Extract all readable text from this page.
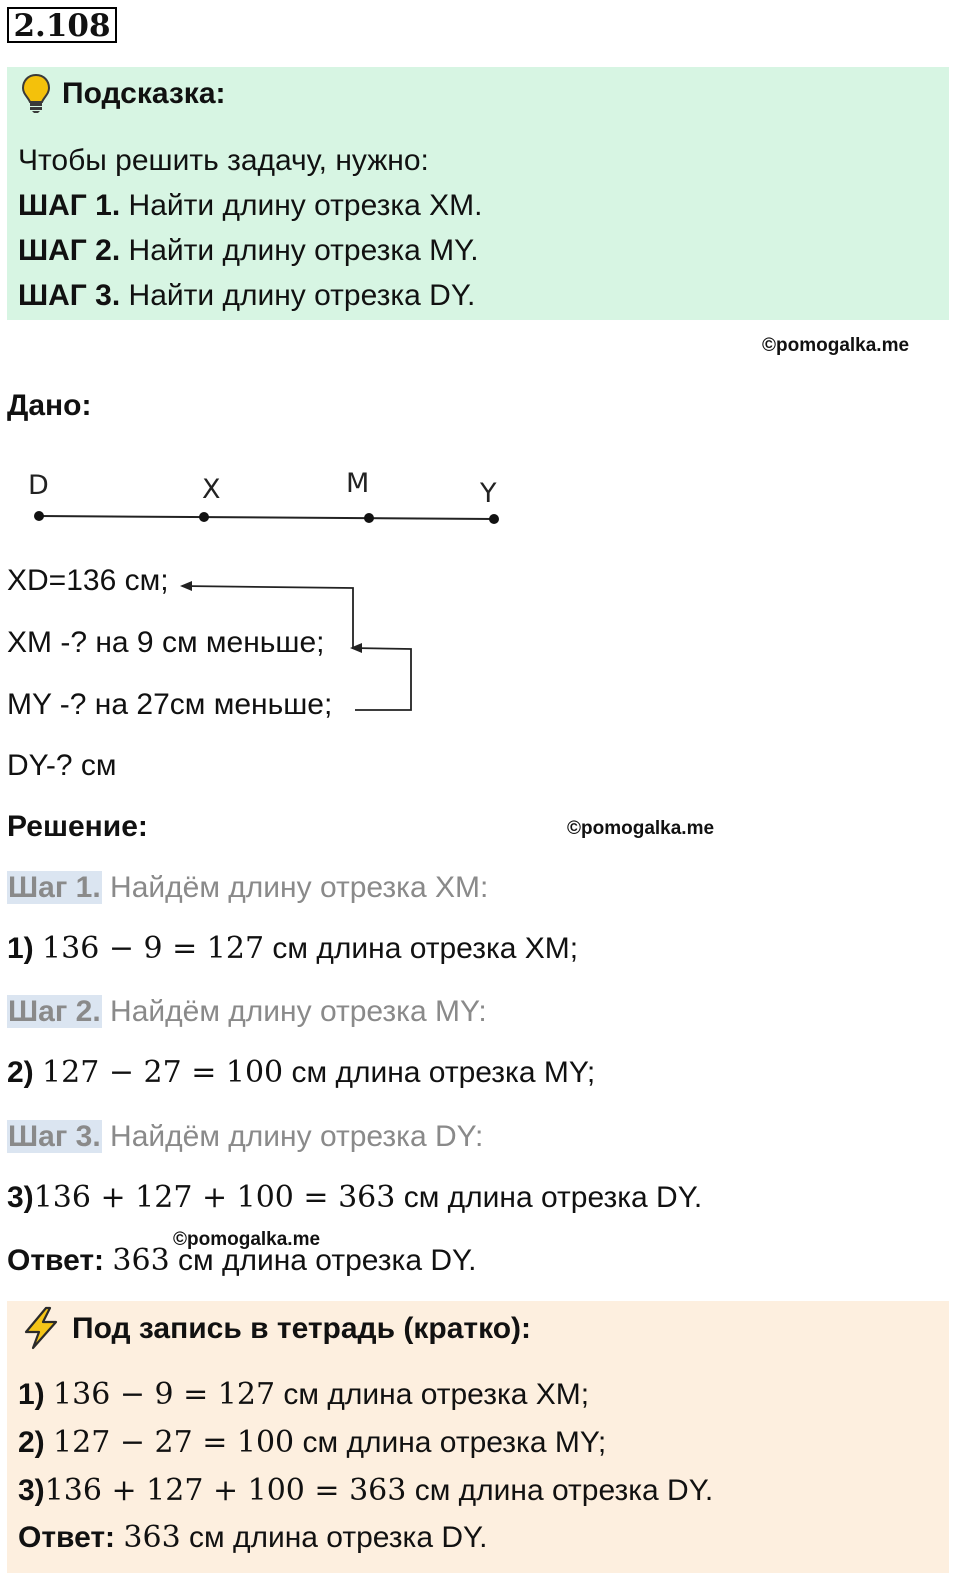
2.108
Подсказка:
Чтобы решить задачу, нужно:
ШАГ 1. Найти длину отрезка XM.
ШАГ 2. Найти длину отрезка MY.
ШАГ 3. Найти длину отрезка DY.
©pomogalka.me
Дано:
D	X	M	Y
XD=136 см;
XM -? на 9 см меньше;
MY -? на 27см меньше;
DY-? см
Решение:	©pomogalka.me
Шаг 1. Найдём длину отрезка XM:
1) 136 − 9 = 127 см длина отрезка XM;
Шаг 2. Найдём длину отрезка MY:
2) 127 − 27 = 100 см длина отрезка MY;
Шаг 3. Найдём длину отрезка DY:
3)136 + 127 + 100 = 363 см длина отрезка DY.
©pomogalka.me
Ответ: 363 см длина отрезка DY.
Под запись в тетрадь (кратко):
1) 136 − 9 = 127 см длина отрезка XM;
2) 127 − 27 = 100 см длина отрезка MY;
3)136 + 127 + 100 = 363 см длина отрезка DY.
Ответ: 363 см длина отрезка DY.
